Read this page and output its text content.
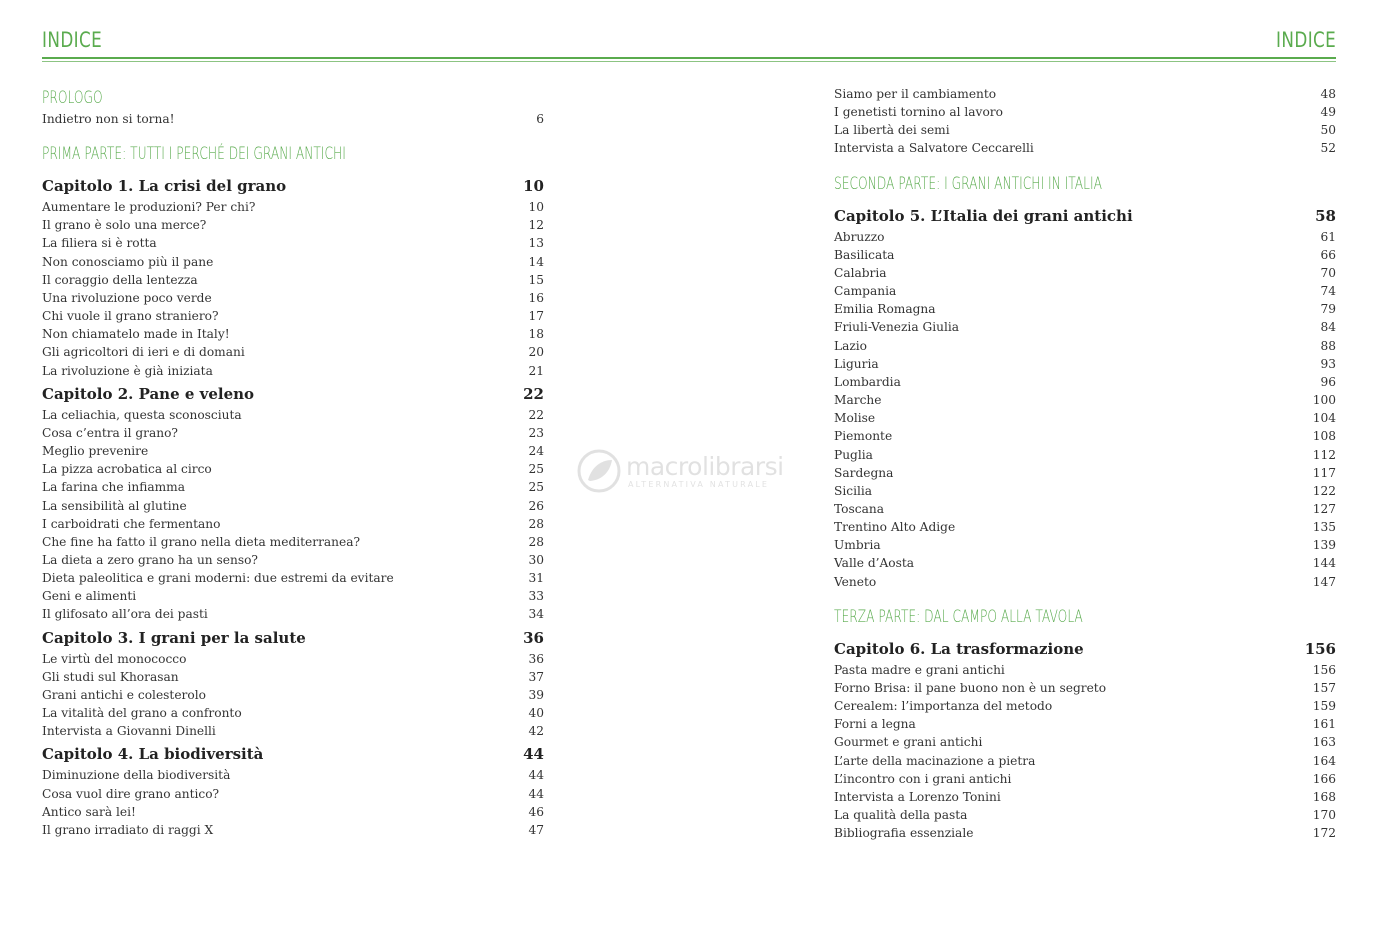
INDICE	INDICE
PROLOGO
Indietro non si torna!	6
PRIMA PARTE: TUTTI I PERCHÉ DEI GRANI ANTICHI
Capitolo 1. La crisi del grano	10
Aumentare le produzioni? Per chi?	10
Il grano è solo una merce?	12
La filiera si è rotta	13
Non conosciamo più il pane	14
Il coraggio della lentezza	15
Una rivoluzione poco verde	16
Chi vuole il grano straniero?	17
Non chiamatelo made in Italy!	18
Gli agricoltori di ieri e di domani	20
La rivoluzione è già iniziata	21
Capitolo 2. Pane e veleno	22
La celiachia, questa sconosciuta	22
Cosa c’entra il grano?	23
Meglio prevenire	24
La pizza acrobatica al circo	25
La farina che infiamma	25
La sensibilità al glutine	26
I carboidrati che fermentano	28
Che fine ha fatto il grano nella dieta mediterranea?	28
La dieta a zero grano ha un senso?	30
Dieta paleolitica e grani moderni: due estremi da evitare	31
Geni e alimenti	33
Il glifosato all’ora dei pasti	34
Capitolo 3. I grani per la salute	36
Le virtù del monococco	36
Gli studi sul Khorasan	37
Grani antichi e colesterolo	39
La vitalità del grano a confronto	40
Intervista a Giovanni Dinelli	42
Capitolo 4. La biodiversità	44
Diminuzione della biodiversità	44
Cosa vuol dire grano antico?	44
Antico sarà lei!	46
Il grano irradiato di raggi X	47
macrolibrarsi
ALTERNATIVA NATURALE
Siamo per il cambiamento	48
I genetisti tornino al lavoro	49
La libertà dei semi	50
Intervista a Salvatore Ceccarelli	52
SECONDA PARTE: I GRANI ANTICHI IN ITALIA
Capitolo 5. L’Italia dei grani antichi	58
Abruzzo	61
Basilicata	66
Calabria	70
Campania	74
Emilia Romagna	79
Friuli-Venezia Giulia	84
Lazio	88
Liguria	93
Lombardia	96
Marche	100
Molise	104
Piemonte	108
Puglia	112
Sardegna	117
Sicilia	122
Toscana	127
Trentino Alto Adige	135
Umbria	139
Valle d’Aosta	144
Veneto	147
TERZA PARTE: DAL CAMPO ALLA TAVOLA
Capitolo 6. La trasformazione	156
Pasta madre e grani antichi	156
Forno Brisa: il pane buono non è un segreto	157
Cerealem: l’importanza del metodo	159
Forni a legna	161
Gourmet e grani antichi	163
L’arte della macinazione a pietra	164
L’incontro con i grani antichi	166
Intervista a Lorenzo Tonini	168
La qualità della pasta	170
Bibliografia essenziale	172
